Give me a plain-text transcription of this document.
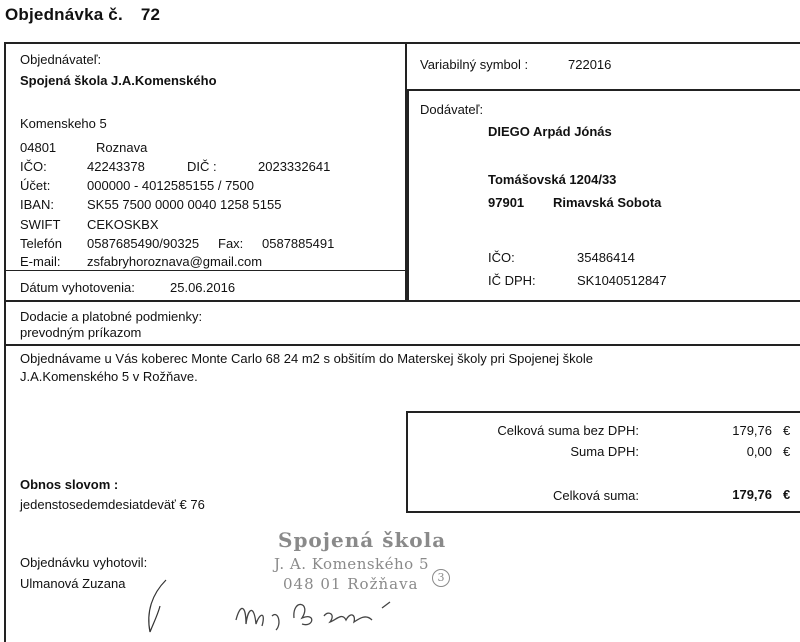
Objednávka č. 72
Objednávateľ:
Spojená škola J.A.Komenského
Komenskeho 5
04801	Roznava
IČO:	42243378	DIČ :	2023332641
Účet:	000000 - 4012585155 / 7500
IBAN:	SK55 7500 0000 0040 1258 5155
SWIFT CEKOSKBX
Telefón 0587685490/90325 Fax: 0587885491
E-mail: zsfabryhoroznava@gmail.com
Dátum vyhotovenia:	25.06.2016
Variabilný symbol :	722016
Dodávateľ:
DIEGO Arpád Jónás
Tomášovská 1204/33
97901 Rimavská Sobota
IČO:	35486414
IČ DPH:	SK1040512847
Dodacie a platobné podmienky:
prevodným príkazom
Objednávame u Vás koberec Monte Carlo 68 24 m2 s obšitím do Materskej školy pri Spojenej škole
J.A.Komenského 5 v Rožňave.
Celková suma bez DPH:	179,76 €
Suma DPH:	0,00 €
Celková suma:	179,76 €
Obnos slovom :
jedenstosedemdesiatdeväť € 76
Objednávku vyhotovil:
Ulmanová Zuzana
Spojená škola
J. A. Komenského 5
048 01 Rožňava	3
